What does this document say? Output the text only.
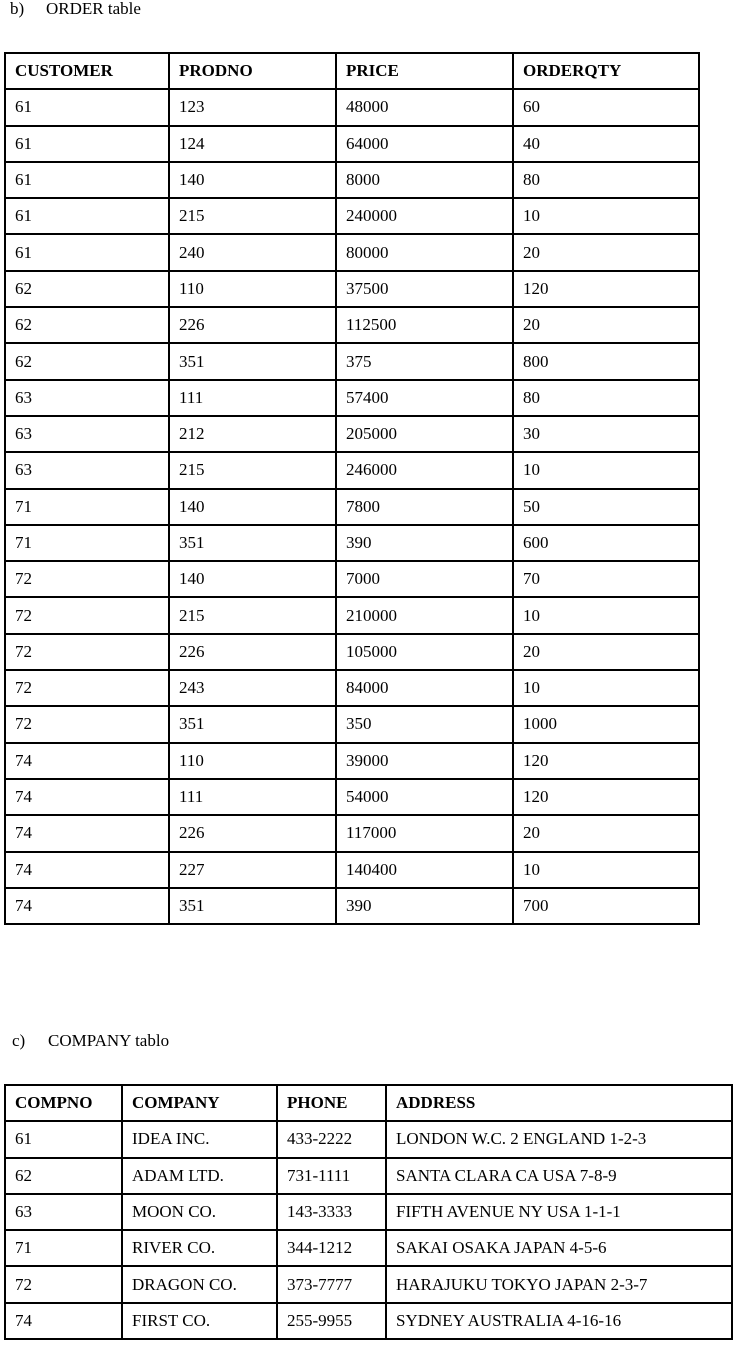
b) ORDER table
CUSTOMER	PRODNO	PRICE	ORDERQTY
61	123	48000	60
61	124	64000	40
61	140	8000	80
61	215	240000	10
61	240	80000	20
62	110	37500	120
62	226	112500	20
62	351	375	800
63	111	57400	80
63	212	205000	30
63	215	246000	10
71	140	7800	50
71	351	390	600
72	140	7000	70
72	215	210000	10
72	226	105000	20
72	243	84000	10
72	351	350	1000
74	110	39000	120
74	111	54000	120
74	226	117000	20
74	227	140400	10
74	351	390	700
c) COMPANY tablo
COMPNO	COMPANY	PHONE	ADDRESS
61	IDEA INC.	433-2222	LONDON W.C. 2 ENGLAND 1-2-3
62	ADAM LTD.	731-1111	SANTA CLARA CA USA 7-8-9
63	MOON CO.	143-3333	FIFTH AVENUE NY USA 1-1-1
71	RIVER CO.	344-1212	SAKAI OSAKA JAPAN 4-5-6
72	DRAGON CO.	373-7777	HARAJUKU TOKYO JAPAN 2-3-7
74	FIRST CO.	255-9955	SYDNEY AUSTRALIA 4-16-16
